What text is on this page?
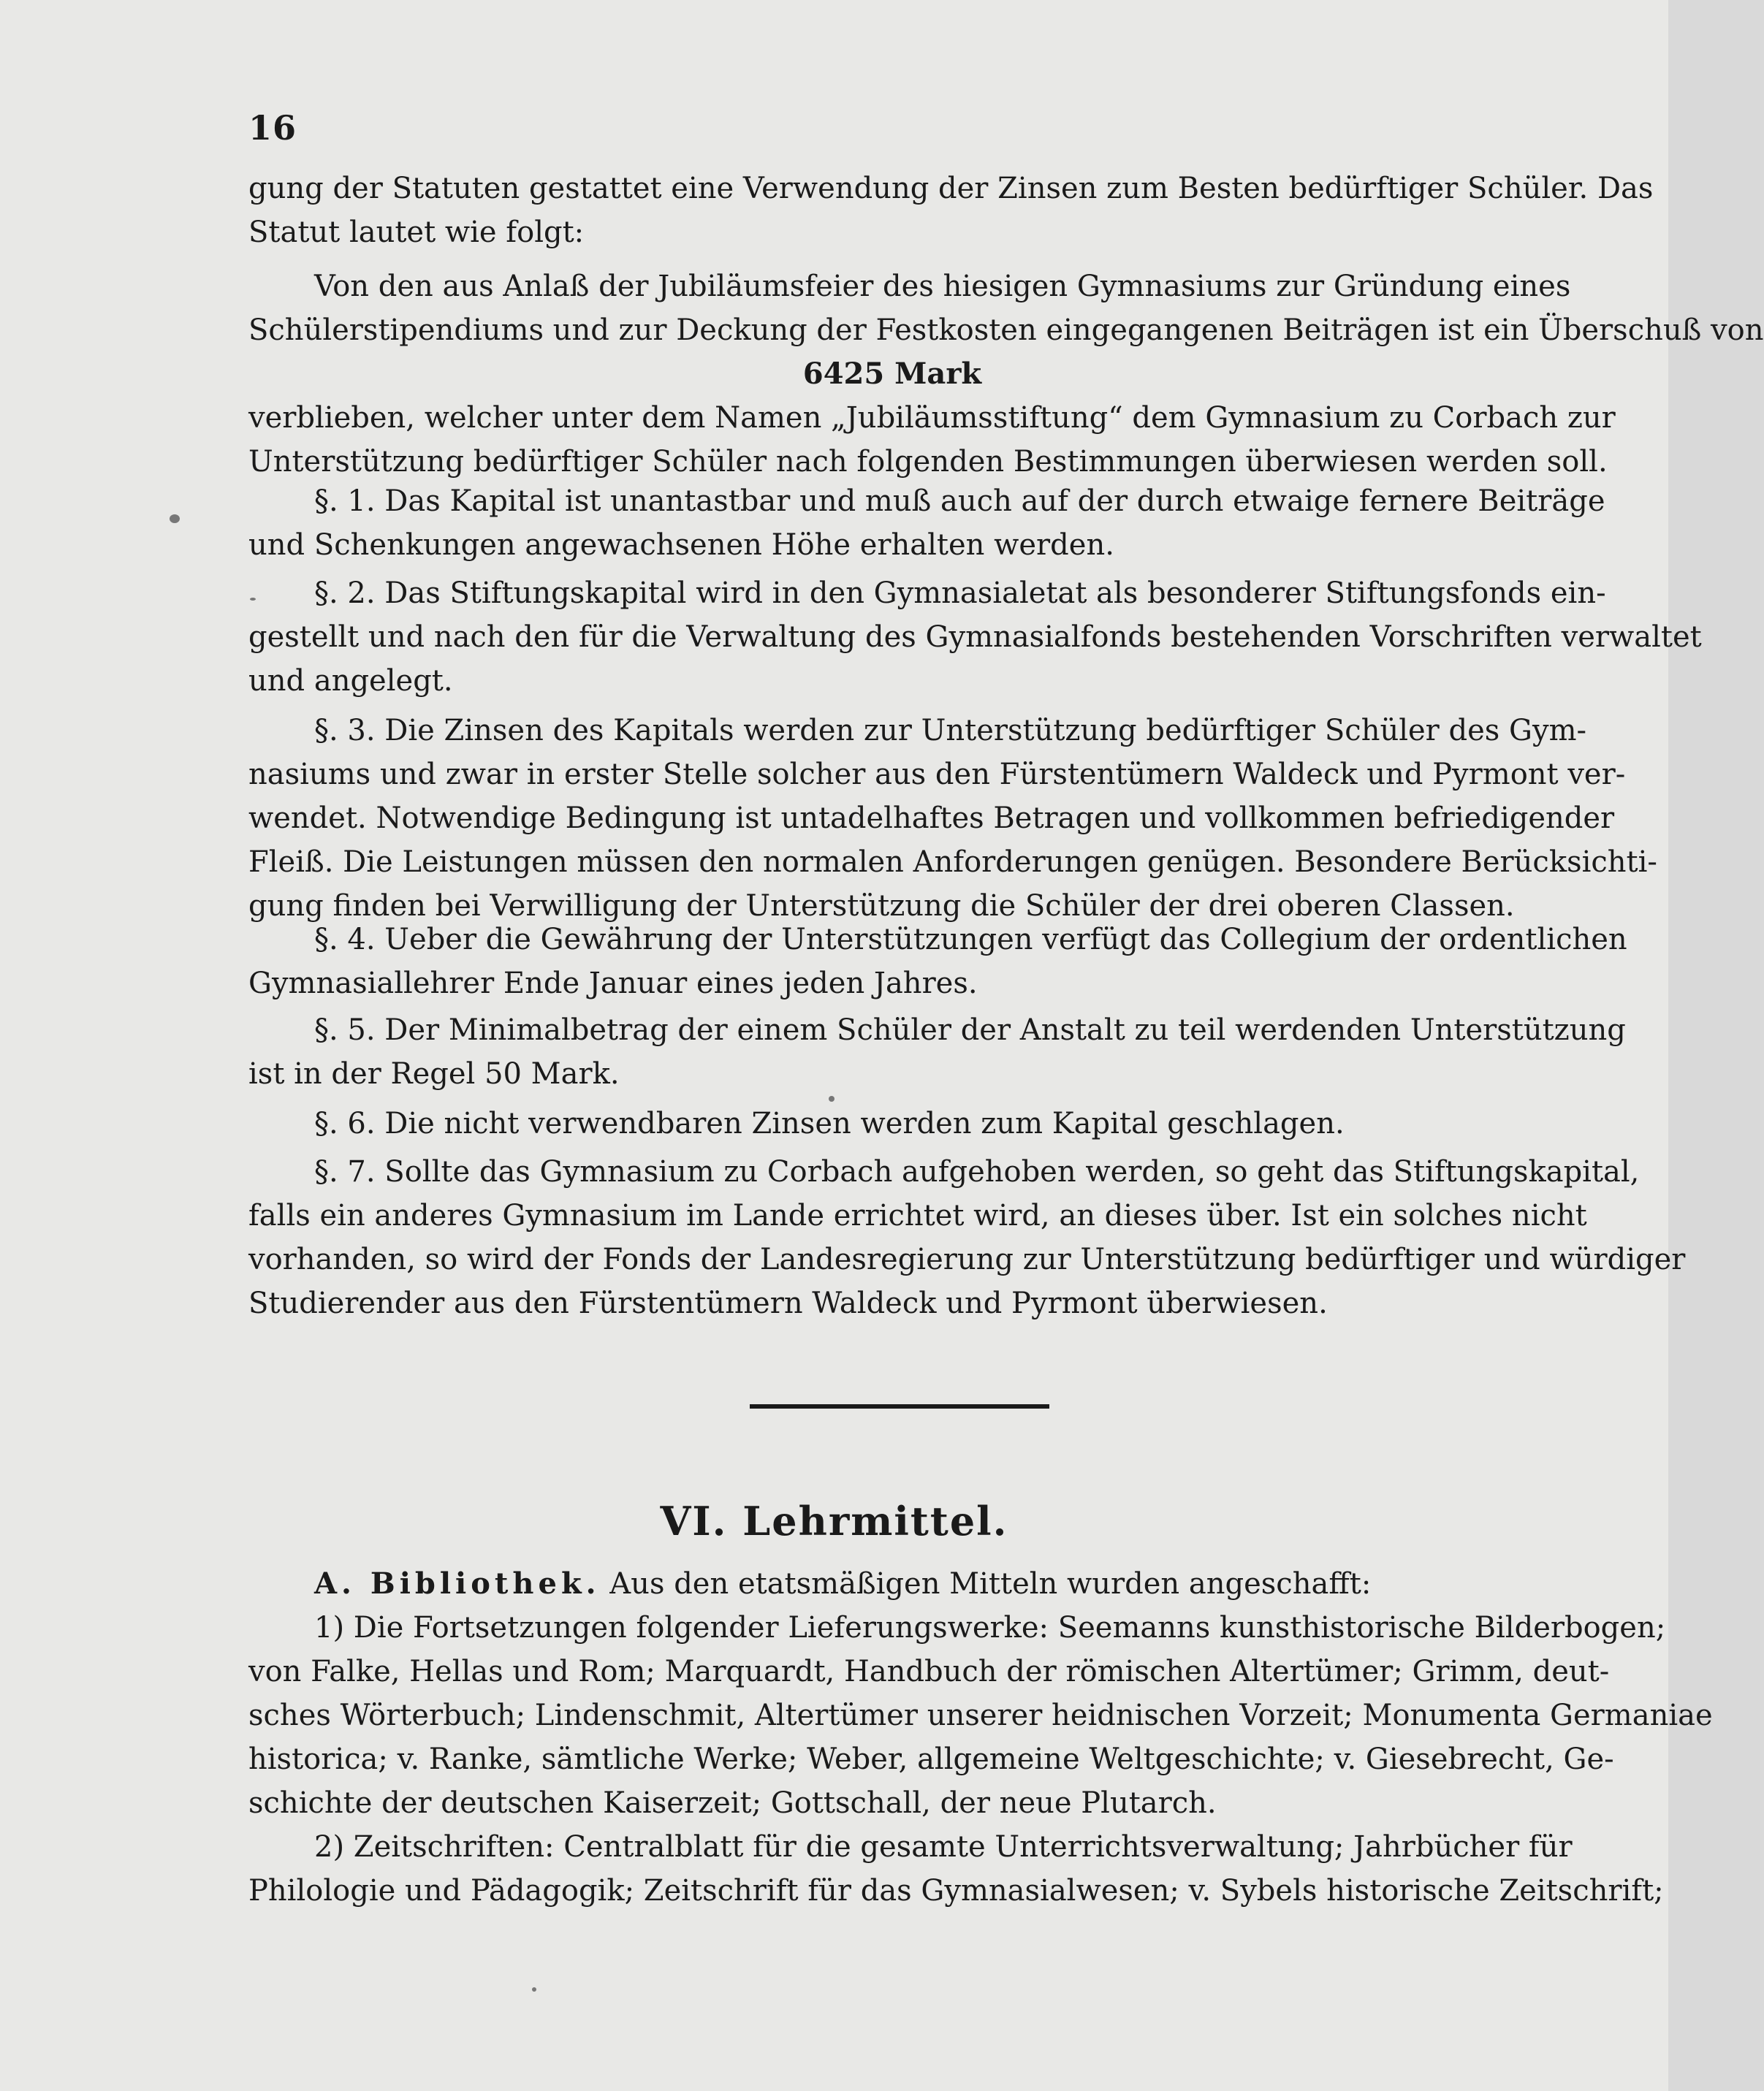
16
gung der Statuten gestattet eine Verwendung der Zinsen zum Besten bedürftiger Schüler. Das
Statut lautet wie folgt:
Von den aus Anlaß der Jubiläumsfeier des hiesigen Gymnasiums zur Gründung eines
Schülerstipendiums und zur Deckung der Festkosten eingegangenen Beiträgen ist ein Überschuß von
6425 Mark
verblieben, welcher unter dem Namen „Jubiläumsstiftung“ dem Gymnasium zu Corbach zur
Unterstützung bedürftiger Schüler nach folgenden Bestimmungen überwiesen werden soll.
§. 1. Das Kapital ist unantastbar und muß auch auf der durch etwaige fernere Beiträge
und Schenkungen angewachsenen Höhe erhalten werden.
§. 2. Das Stiftungskapital wird in den Gymnasialetat als besonderer Stiftungsfonds ein-
gestellt und nach den für die Verwaltung des Gymnasialfonds bestehenden Vorschriften verwaltet
und angelegt.
§. 3. Die Zinsen des Kapitals werden zur Unterstützung bedürftiger Schüler des Gym-
nasiums und zwar in erster Stelle solcher aus den Fürstentümern Waldeck und Pyrmont ver-
wendet. Notwendige Bedingung ist untadelhaftes Betragen und vollkommen befriedigender
Fleiß. Die Leistungen müssen den normalen Anforderungen genügen. Besondere Berücksichti-
gung finden bei Verwilligung der Unterstützung die Schüler der drei oberen Classen.
§. 4. Ueber die Gewährung der Unterstützungen verfügt das Collegium der ordentlichen
Gymnasiallehrer Ende Januar eines jeden Jahres.
§. 5. Der Minimalbetrag der einem Schüler der Anstalt zu teil werdenden Unterstützung
ist in der Regel 50 Mark.
§. 6. Die nicht verwendbaren Zinsen werden zum Kapital geschlagen.
§. 7. Sollte das Gymnasium zu Corbach aufgehoben werden, so geht das Stiftungskapital,
falls ein anderes Gymnasium im Lande errichtet wird, an dieses über. Ist ein solches nicht
vorhanden, so wird der Fonds der Landesregierung zur Unterstützung bedürftiger und würdiger
Studierender aus den Fürstentümern Waldeck und Pyrmont überwiesen.
VI. Lehrmittel.
A. Bibliothek. Aus den etatsmäßigen Mitteln wurden angeschafft:
1) Die Fortsetzungen folgender Lieferungswerke: Seemanns kunsthistorische Bilderbogen;
von Falke, Hellas und Rom; Marquardt, Handbuch der römischen Altertümer; Grimm, deut-
sches Wörterbuch; Lindenschmit, Altertümer unserer heidnischen Vorzeit; Monumenta Germaniae
historica; v. Ranke, sämtliche Werke; Weber, allgemeine Weltgeschichte; v. Giesebrecht, Ge-
schichte der deutschen Kaiserzeit; Gottschall, der neue Plutarch.
2) Zeitschriften: Centralblatt für die gesamte Unterrichtsverwaltung; Jahrbücher für
Philologie und Pädagogik; Zeitschrift für das Gymnasialwesen; v. Sybels historische Zeitschrift;
